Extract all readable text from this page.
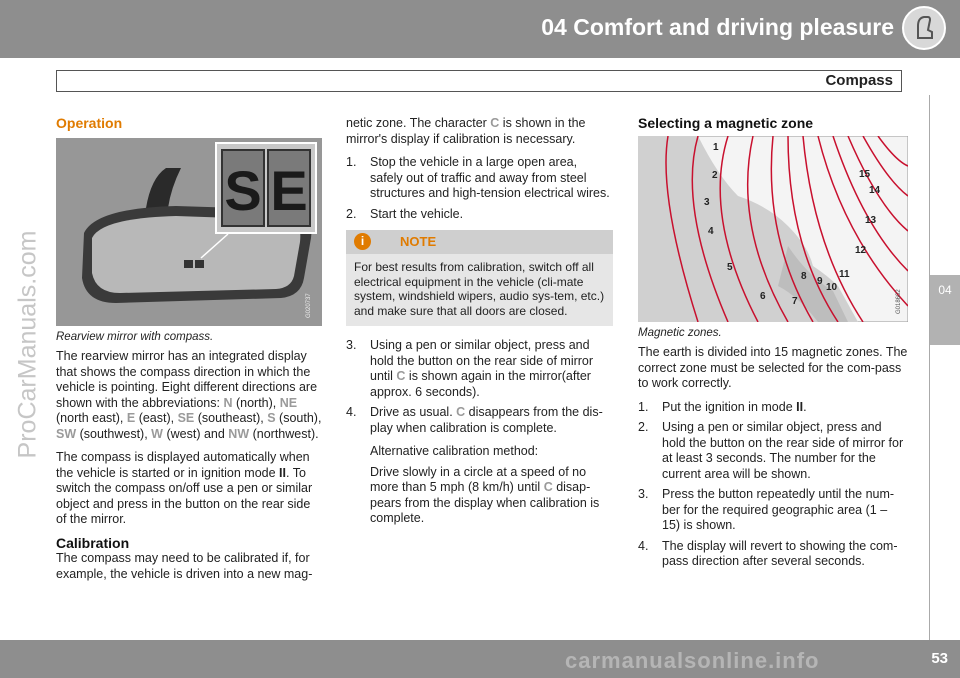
04 Comfort and driving pleasure
Compass
04
ProCarManuals.com
Operation
S E
G020737
Rearview mirror with compass.

The rearview mirror has an integrated display that shows the compass direction in which the vehicle is pointing. Eight different directions are shown with the abbreviations: N (north), NE (north east), E (east), SE (southeast), S (south), SW (southwest), W (west) and NW (northwest).

The compass is displayed automatically when the vehicle is started or in ignition mode II. To switch the compass on/off use a pen or similar object and press in the button on the rear side of the mirror.

Calibration

The compass may need to be calibrated if, for example, the vehicle is driven into a new mag-

netic zone. The character C is shown in the mirror's display if calibration is necessary.

1. Stop the vehicle in a large open area, safely out of traffic and away from steel structures and high-tension electrical wires.
2. Start the vehicle.
i	NOTE
For best results from calibration, switch off all electrical equipment in the vehicle (cli-mate system, windshield wipers, audio sys-tem, etc.) and make sure that all doors are closed.
3. Using a pen or similar object, press and hold the button on the rear side of mirror until C is shown again in the mirror(after approx. 6 seconds).
4. Drive as usual. C disappears from the dis-play when calibration is complete.
Alternative calibration method:
Drive slowly in a circle at a speed of no more than 5 mph (8 km/h) until C disap-pears from the display when calibration is complete.
Selecting a magnetic zone
1
2
3
4
5
6	7
8 9
10
11
12
13
14
15
G018602
Magnetic zones.

The earth is divided into 15 magnetic zones. The correct zone must be selected for the com-pass to work correctly.

1. Put the ignition in mode II.
2. Using a pen or similar object, press and hold the button on the rear side of mirror for at least 3 seconds. The number for the current area will be shown.
3. Press the button repeatedly until the num-ber for the required geographic area (1 – 15) is shown.
4. The display will revert to showing the com-pass direction after several seconds.
carmanualsonline.info	53
